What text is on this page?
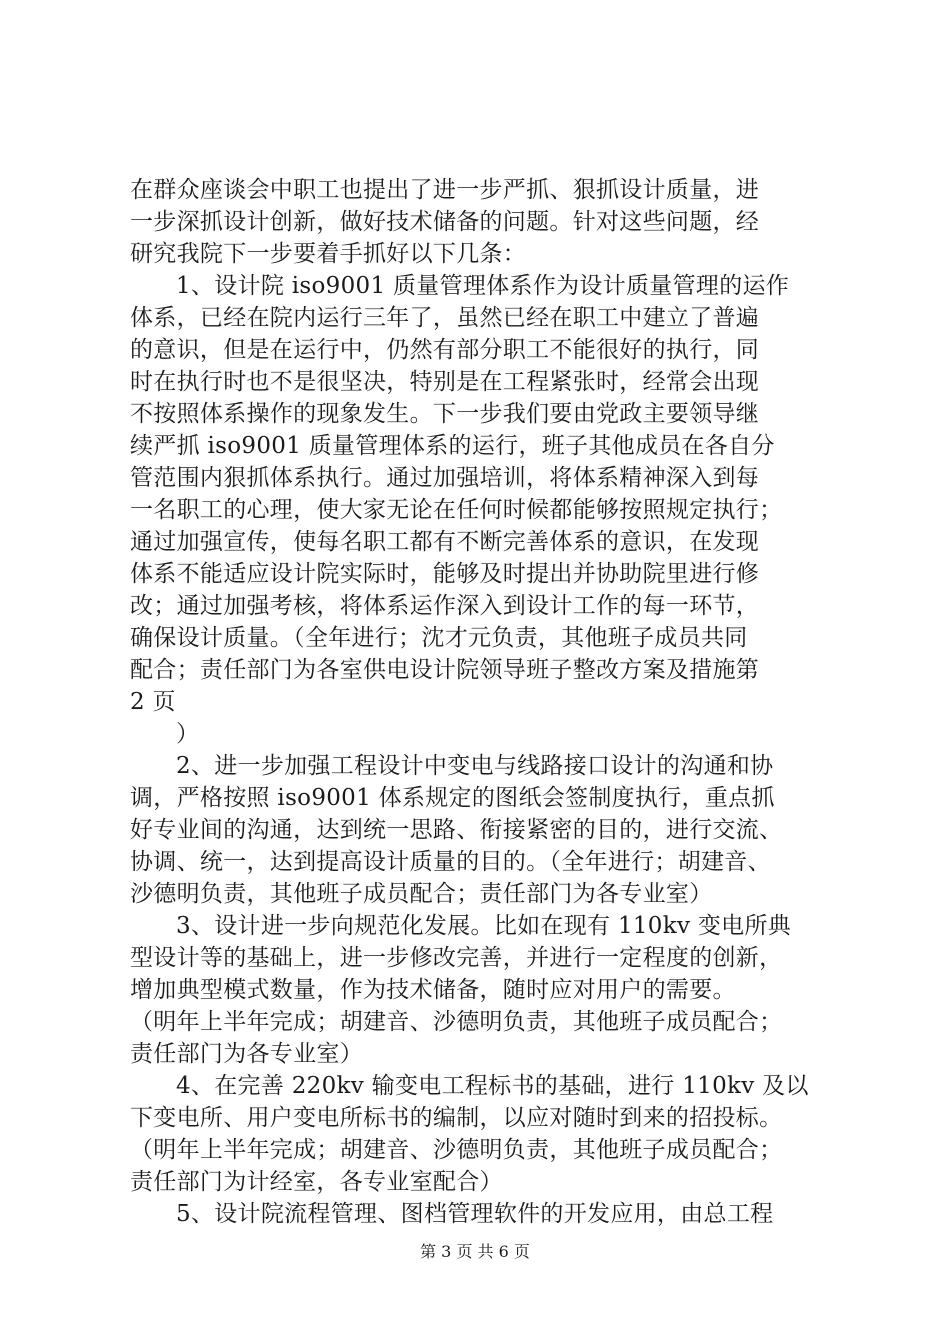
在群众座谈会中职工也提出了进一步严抓、狠抓设计质量，进
一步深抓设计创新，做好技术储备的问题。针对这些问题，经
研究我院下一步要着手抓好以下几条：
1、设计院 iso9001 质量管理体系作为设计质量管理的运作
体系，已经在院内运行三年了，虽然已经在职工中建立了普遍
的意识，但是在运行中，仍然有部分职工不能很好的执行，同
时在执行时也不是很坚决，特别是在工程紧张时，经常会出现
不按照体系操作的现象发生。下一步我们要由党政主要领导继
续严抓 iso9001 质量管理体系的运行，班子其他成员在各自分
管范围内狠抓体系执行。通过加强培训，将体系精神深入到每
一名职工的心理，使大家无论在任何时候都能够按照规定执行；
通过加强宣传，使每名职工都有不断完善体系的意识，在发现
体系不能适应设计院实际时，能够及时提出并协助院里进行修
改；通过加强考核，将体系运作深入到设计工作的每一环节，
确保设计质量。（全年进行；沈才元负责，其他班子成员共同
配合；责任部门为各室供电设计院领导班子整改方案及措施第
2 页
）
2、进一步加强工程设计中变电与线路接口设计的沟通和协
调，严格按照 iso9001 体系规定的图纸会签制度执行，重点抓
好专业间的沟通，达到统一思路、衔接紧密的目的，进行交流、
协调、统一，达到提高设计质量的目的。（全年进行；胡建音、
沙德明负责，其他班子成员配合；责任部门为各专业室）
3、设计进一步向规范化发展。比如在现有 110kv 变电所典
型设计等的基础上，进一步修改完善，并进行一定程度的创新，
增加典型模式数量，作为技术储备，随时应对用户的需要。
（明年上半年完成；胡建音、沙德明负责，其他班子成员配合；
责任部门为各专业室）
4、在完善 220kv 输变电工程标书的基础，进行 110kv 及以
下变电所、用户变电所标书的编制，以应对随时到来的招投标。
（明年上半年完成；胡建音、沙德明负责，其他班子成员配合；
责任部门为计经室，各专业室配合）
5、设计院流程管理、图档管理软件的开发应用，由总工程
第 3 页 共 6 页
